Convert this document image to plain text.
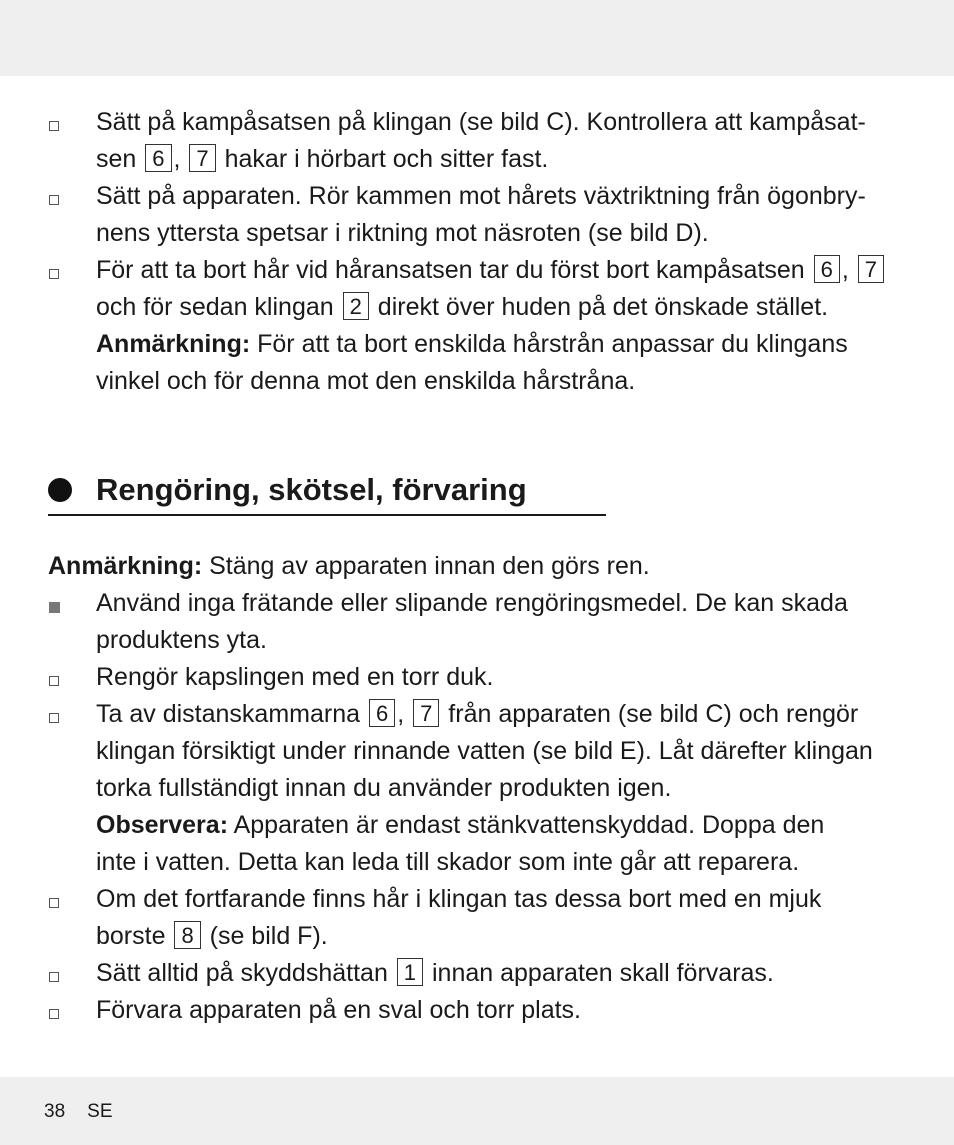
Sätt på kampåsatsen på klingan (se bild C). Kontrollera att kampåsat-
sen 6 , 7 hakar i hörbart och sitter fast.
Sätt på apparaten. Rör kammen mot hårets växtriktning från ögonbry-
nens yttersta spetsar i riktning mot näsroten (se bild D).
För att ta bort hår vid håransatsen tar du först bort kampåsatsen 6 , 7
och för sedan klingan 2 direkt över huden på det önskade stället.
Anmärkning: För att ta bort enskilda hårstrån anpassar du klingans
vinkel och för denna mot den enskilda hårstråna.
Rengöring, skötsel, förvaring
Anmärkning: Stäng av apparaten innan den görs ren.
Använd inga frätande eller slipande rengöringsmedel. De kan skada
produktens yta.
Rengör kapslingen med en torr duk.
Ta av distanskammarna 6 , 7 från apparaten (se bild C) och rengör
klingan försiktigt under rinnande vatten (se bild E). Låt därefter klingan
torka fullständigt innan du använder produkten igen.
Observera: Apparaten är endast stänkvattenskyddad. Doppa den
inte i vatten. Detta kan leda till skador som inte går att reparera.
Om det fortfarande finns hår i klingan tas dessa bort med en mjuk
borste 8 (se bild F).
Sätt alltid på skyddshättan 1 innan apparaten skall förvaras.
Förvara apparaten på en sval och torr plats.
38 SE
